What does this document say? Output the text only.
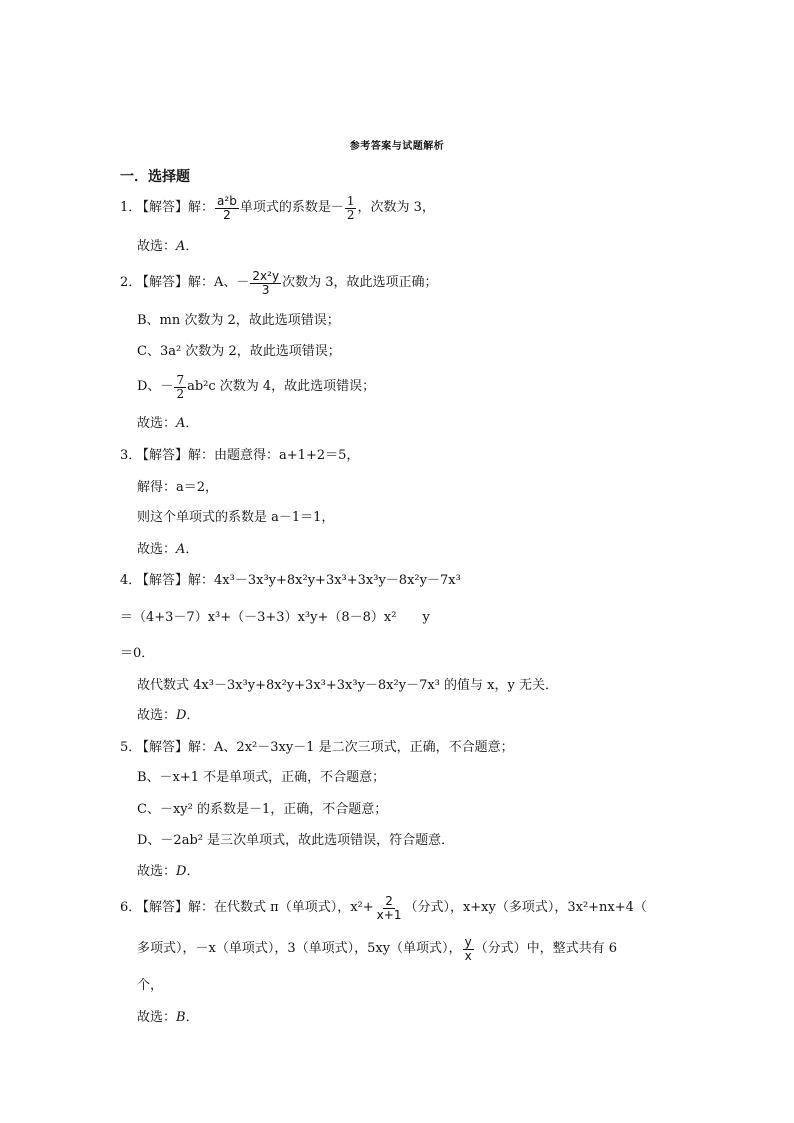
参考答案与试题解析
一．选择题
1．
【解答】 解： $\frac{\text{a²b}}{2}$ 单项式的系数是－ $\frac{1}{2}$ ，次数为 3，
故选： A ．
2．
【解答】 解： A、－ $\frac{\text{2x²y}}{3}$ 次数为 3，故此选项正确；
B、mn 次数为 2，故此选项错误；
C、3a² 次数为 2，故此选项错误；
D、－ $\frac{7}{2} ab^2c$ 次数为 4，故此选项错误；
故选： A ．
3．
【解答】 解： 由题意得：a+1+2＝5，
解得：a＝2，
则这个单项式的系数是 a－1＝1，
故选： A ．
4．
【解答】 解： 4x³－3x³y+8x²y+3x³+3x³y－8x²y－7x³
＝（4+3－7）x³+（－3+3）x³y+（8－8）x²　　y
＝0．
故代数式 4x³－3x³y+8x²y+3x³+3x³y－8x²y－7x³ 的值与 x，y 无关．
故选： D ．
5．
【解答】 解： A、2x²－3xy－1 是二次三项式，正确，不合题意；
B、－x+1 不是单项式，正确，不合题意；
C、－xy² 的系数是－1，正确，不合题意；
D、－2ab² 是三次单项式，故此选项错误，符合题意．
故选： D ．
6．
【解答】 解： 在代数式 π（单项式），$x^2+ \frac{2}{x+1}$ （分式），x+xy（多项式），3x²+nx+4（
多项式），－x（单项式），3（单项式），5xy（单项式）， $\frac{y}{x}$ （分式）中，整式共有 6
个，
故选： B ．
